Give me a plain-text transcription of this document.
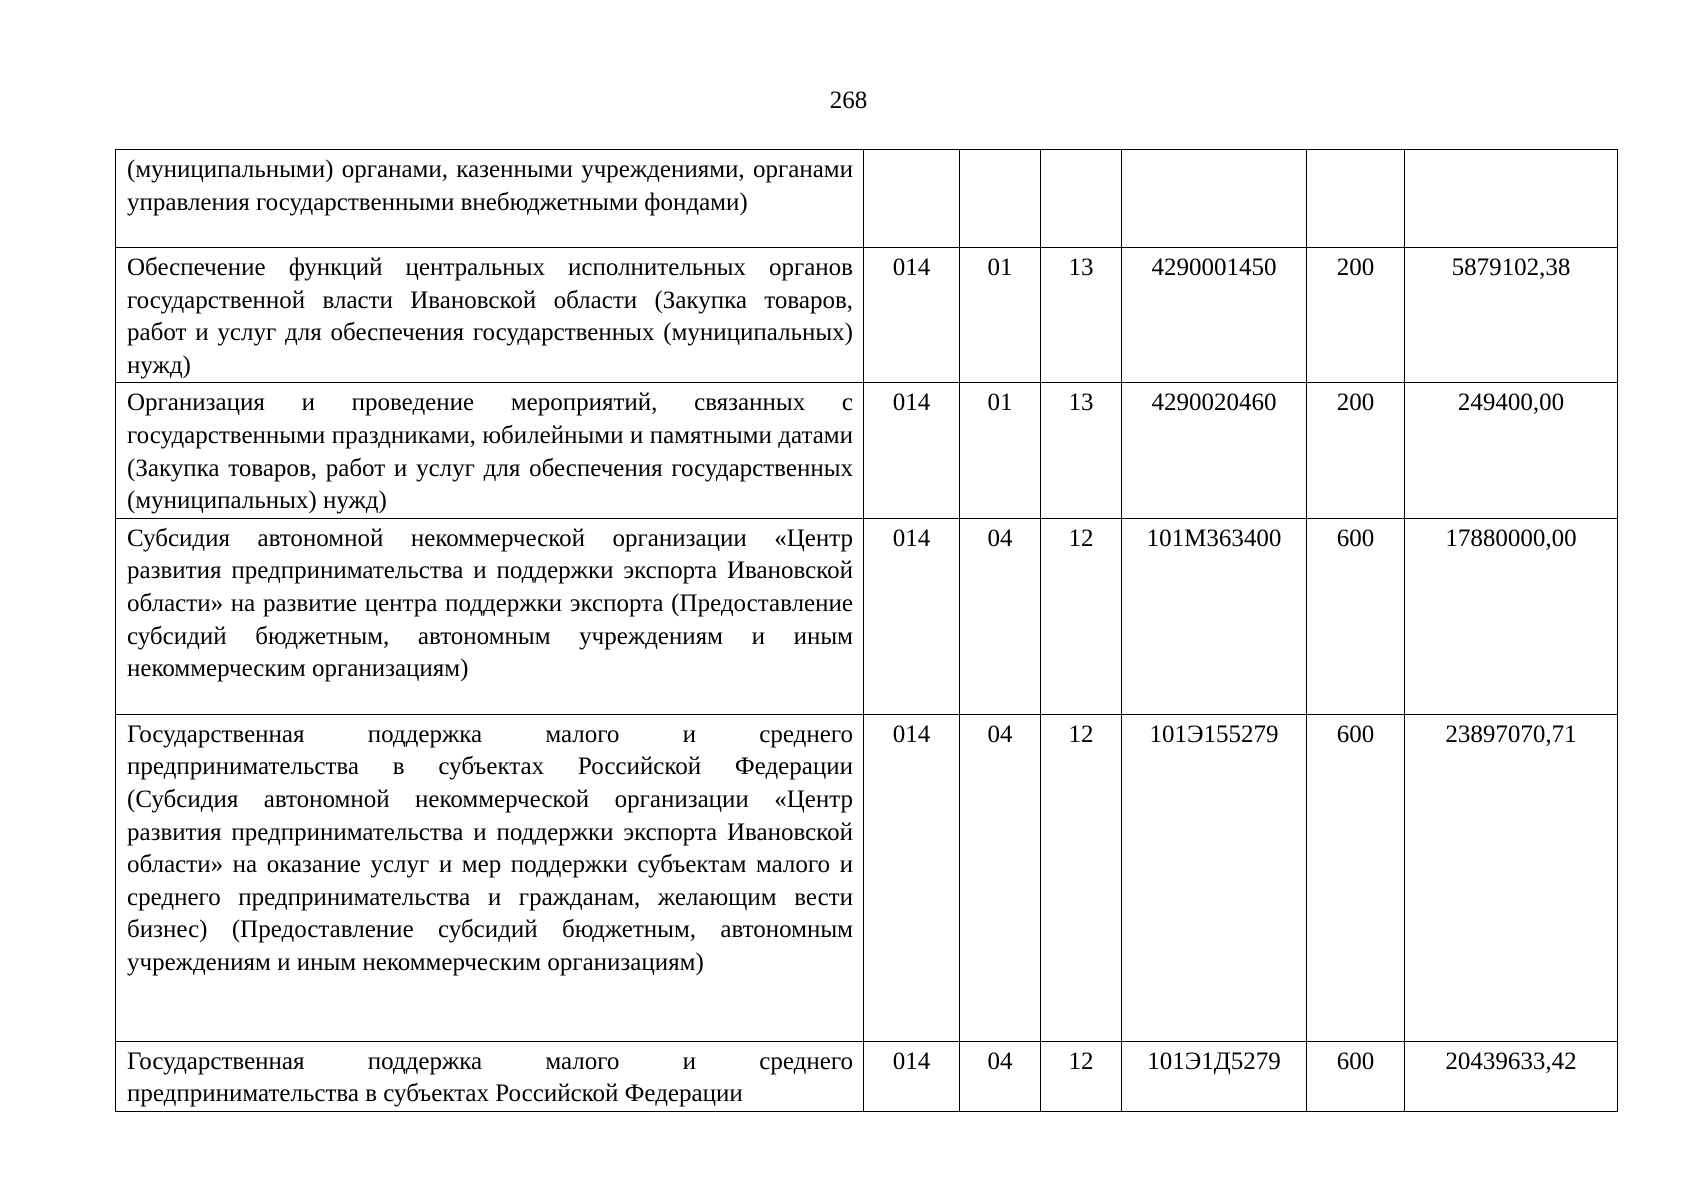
268
(муниципальными) органами, казенными учреждениями, органами управления государственными внебюджетными фондами)						

Обеспечение функций центральных исполнительных органов государственной власти Ивановской области (Закупка товаров, работ и услуг для обеспечения государственных (муниципальных) нужд)	014	01	13	4290001450	200	5879102,38

Организация и проведение мероприятий, связанных с государственными праздниками, юбилейными и памятными датами (Закупка товаров, работ и услуг для обеспечения государственных (муниципальных) нужд)	014	01	13	4290020460	200	249400,00

Субсидия автономной некоммерческой организации «Центр развития предпринимательства и поддержки экспорта Ивановской области» на развитие центра поддержки экспорта (Предоставление субсидий бюджетным, автономным учреждениям и иным некоммерческим организациям)	014	04	12	101M363400	600	17880000,00

Государственная поддержка малого и среднего предпринимательства в субъектах Российской Федерации (Субсидия автономной некоммерческой организации «Центр развития предпринимательства и поддержки экспорта Ивановской области» на оказание услуг и мер поддержки субъектам малого и среднего предпринимательства и гражданам, желающим вести бизнес) (Предоставление субсидий бюджетным, автономным учреждениям и иным некоммерческим организациям)	014	04	12	101Э155279	600	23897070,71

Государственная поддержка малого и среднего предпринимательства в субъектах Российской Федерации	014	04	12	101Э1Д5279	600	20439633,42
